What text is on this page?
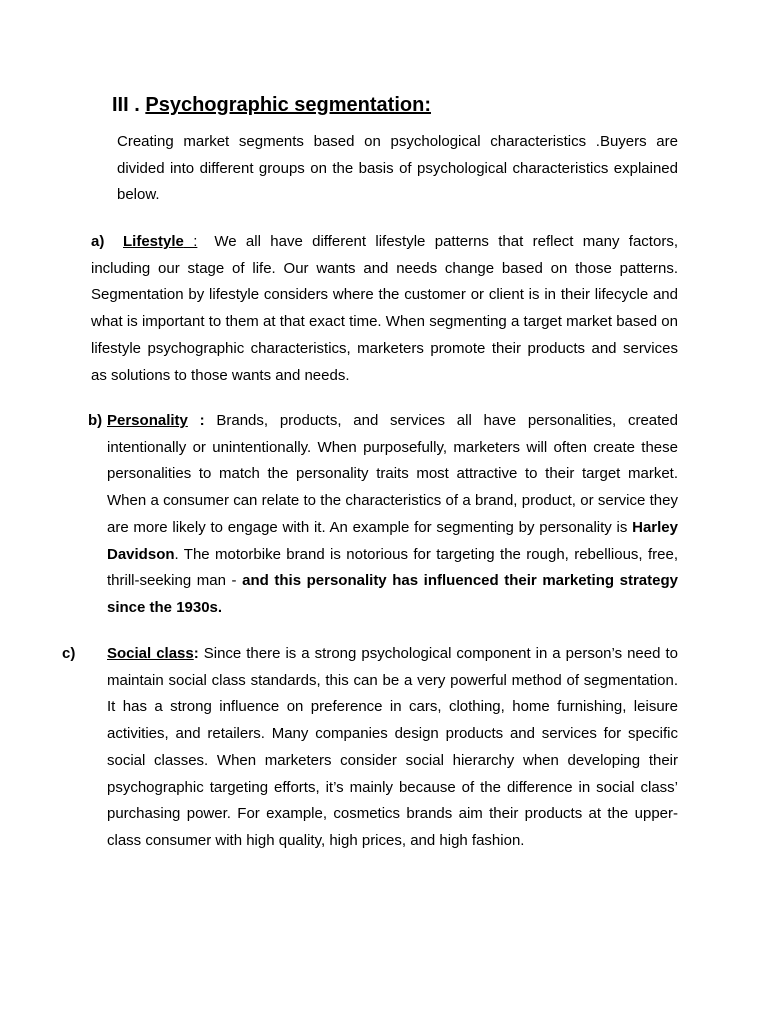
III . Psychographic segmentation:

Creating market segments based on psychological characteristics .Buyers are divided into different groups on the basis of psychological characteristics explained below.

a) Lifestyle : We all have different lifestyle patterns that reflect many factors, including our stage of life. Our wants and needs change based on those patterns. Segmentation by lifestyle considers where the customer or client is in their lifecycle and what is important to them at that exact time. When segmenting a target market based on lifestyle psychographic characteristics, marketers promote their products and services as solutions to those wants and needs.

b) Personality : Brands, products, and services all have personalities, created intentionally or unintentionally. When purposefully, marketers will often create these personalities to match the personality traits most attractive to their target market. When a consumer can relate to the characteristics of a brand, product, or service they are more likely to engage with it. An example for segmenting by personality is Harley Davidson. The motorbike brand is notorious for targeting the rough, rebellious, free, thrill-seeking man - and this personality has influenced their marketing strategy since the 1930s.

c) Social class: Since there is a strong psychological component in a person’s need to maintain social class standards, this can be a very powerful method of segmentation. It has a strong influence on preference in cars, clothing, home furnishing, leisure activities, and retailers. Many companies design products and services for specific social classes. When marketers consider social hierarchy when developing their psychographic targeting efforts, it’s mainly because of the difference in social class’ purchasing power. For example, cosmetics brands aim their products at the upper-class consumer with high quality, high prices, and high fashion.
